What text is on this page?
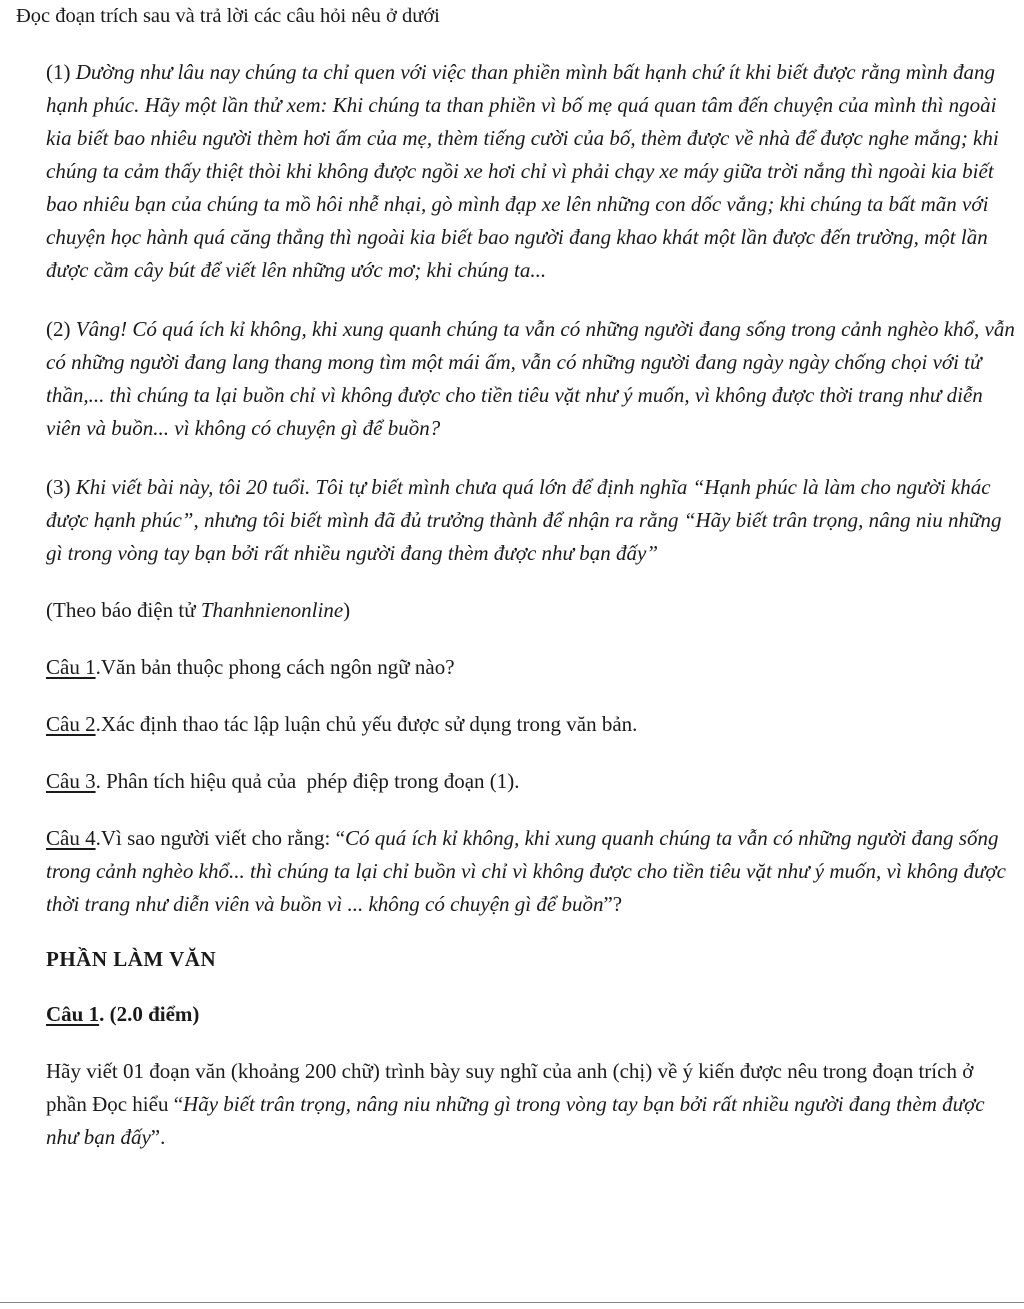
Đọc đoạn trích sau và trả lời các câu hỏi nêu ở dưới

(1) Dường như lâu nay chúng ta chỉ quen với việc than phiền mình bất hạnh chứ ít khi biết được rằng mình đang hạnh phúc. Hãy một lần thử xem: Khi chúng ta than phiền vì bố mẹ quá quan tâm đến chuyện của mình thì ngoài kia biết bao nhiêu người thèm hơi ấm của mẹ, thèm tiếng cười của bố, thèm được về nhà để được nghe mắng; khi chúng ta cảm thấy thiệt thòi khi không được ngồi xe hơi chỉ vì phải chạy xe máy giữa trời nắng thì ngoài kia biết bao nhiêu bạn của chúng ta mồ hôi nhễ nhại, gò mình đạp xe lên những con dốc vắng; khi chúng ta bất mãn với chuyện học hành quá căng thẳng thì ngoài kia biết bao người đang khao khát một lần được đến trường, một lần được cầm cây bút để viết lên những ước mơ; khi chúng ta...

(2) Vâng! Có quá ích kỉ không, khi xung quanh chúng ta vẫn có những người đang sống trong cảnh nghèo khổ, vẫn có những người đang lang thang mong tìm một mái ấm, vẫn có những người đang ngày ngày chống chọi với tử thần,... thì chúng ta lại buồn chỉ vì không được cho tiền tiêu vặt như ý muốn, vì không được thời trang như diễn viên và buồn... vì không có chuyện gì để buồn?

(3) Khi viết bài này, tôi 20 tuổi. Tôi tự biết mình chưa quá lớn để định nghĩa “Hạnh phúc là làm cho người khác được hạnh phúc”, nhưng tôi biết mình đã đủ trưởng thành để nhận ra rằng “Hãy biết trân trọng, nâng niu những gì trong vòng tay bạn bởi rất nhiều người đang thèm được như bạn đấy”

(Theo báo điện tử Thanhnienonline)

Câu 1.Văn bản thuộc phong cách ngôn ngữ nào?

Câu 2.Xác định thao tác lập luận chủ yếu được sử dụng trong văn bản.

Câu 3. Phân tích hiệu quả của  phép điệp trong đoạn (1).

Câu 4.Vì sao người viết cho rằng: “Có quá ích kỉ không, khi xung quanh chúng ta vẫn có những người đang sống trong cảnh nghèo khổ... thì chúng ta lại chỉ buồn vì chỉ vì không được cho tiền tiêu vặt như ý muốn, vì không được thời trang như diễn viên và buồn vì ... không có chuyện gì để buồn”?

PHẦN LÀM VĂN

Câu 1. (2.0 điểm)

Hãy viết 01 đoạn văn (khoảng 200 chữ) trình bày suy nghĩ của anh (chị) về ý kiến được nêu trong đoạn trích ở phần Đọc hiểu “Hãy biết trân trọng, nâng niu những gì trong vòng tay bạn bởi rất nhiều người đang thèm được như bạn đấy”.
